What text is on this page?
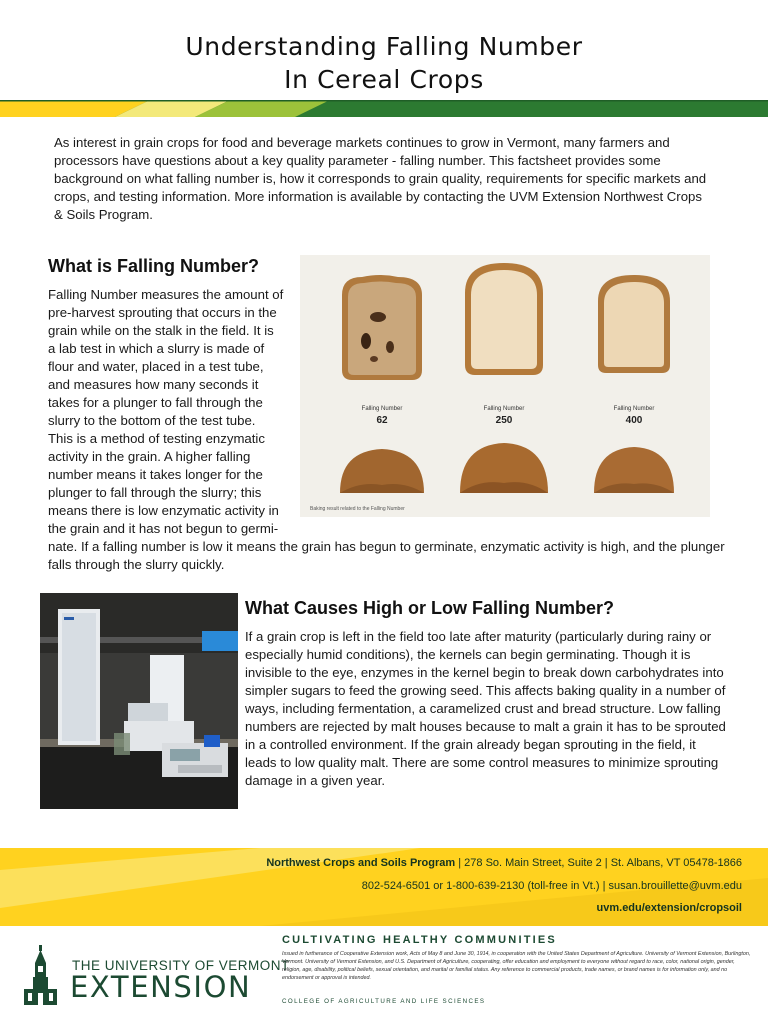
Understanding Falling Number
In Cereal Crops
As interest in grain crops for food and beverage markets continues to grow in Vermont, many farmers and processors have questions about a key quality parameter - falling number. This factsheet provides some background on what falling number is, how it corresponds to grain quality, requirements for specific markets and crops, and testing information. More information is available by contacting the UVM Extension Northwest Crops & Soils Program.
What is Falling Number?
Falling Number measures the amount of
pre-harvest sprouting that occurs in the
grain while on the stalk in the field. It is
a lab test in which a slurry is made of
flour and water, placed in a test tube,
and measures how many seconds it
takes for a plunger to fall through the
slurry to the bottom of the test tube.
This is a method of testing enzymatic
activity in the grain. A higher falling
number means it takes longer for the
plunger to fall through the slurry; this
means there is low enzymatic activity in
the grain and it has not begun to germi-
nate. If a falling number is low it means the grain has begun to germinate, enzymatic activity is high, and the plunger falls through the slurry quickly.
Falling Number
62
Falling Number
250
Falling Number
400
Baking result related to the Falling Number
What Causes High or Low Falling Number?
If a grain crop is left in the field too late after maturity (particularly during rainy or especially humid conditions), the kernels can begin germinating. Though it is invisible to the eye, enzymes in the kernel begin to break down carbohydrates into simpler sugars to feed the growing seed. This affects baking quality in a number of ways, including fermentation, a caramelized crust and bread structure. Low falling numbers are rejected by malt houses because to malt a grain it has to be sprouted in a controlled environment. If the grain already began sprouting in the field, it leads to low quality malt. There are some control measures to minimize sprouting damage in a given year.
Northwest Crops and Soils Program | 278 So. Main Street, Suite 2 | St. Albans, VT 05478-1866
802-524-6501 or 1-800-639-2130 (toll-free in Vt.) | susan.brouillette@uvm.edu
uvm.edu/extension/cropsoil
THE UNIVERSITY OF VERMONT
EXTENSION
CULTIVATING HEALTHY COMMUNITIES
Issued in furtherance of Cooperative Extension work, Acts of May 8 and June 30, 1914, in cooperation with the United States Department of Agriculture. University of Vermont Extension, Burlington, Vermont. University of Vermont Extension, and U.S. Department of Agriculture, cooperating, offer education and employment to everyone without regard to race, color, national origin, gender, religion, age, disability, political beliefs, sexual orientation, and marital or familial status. Any reference to commercial products, trade names, or brand names is for information only, and no endorsement or approval is intended.
COLLEGE OF AGRICULTURE AND LIFE SCIENCES
